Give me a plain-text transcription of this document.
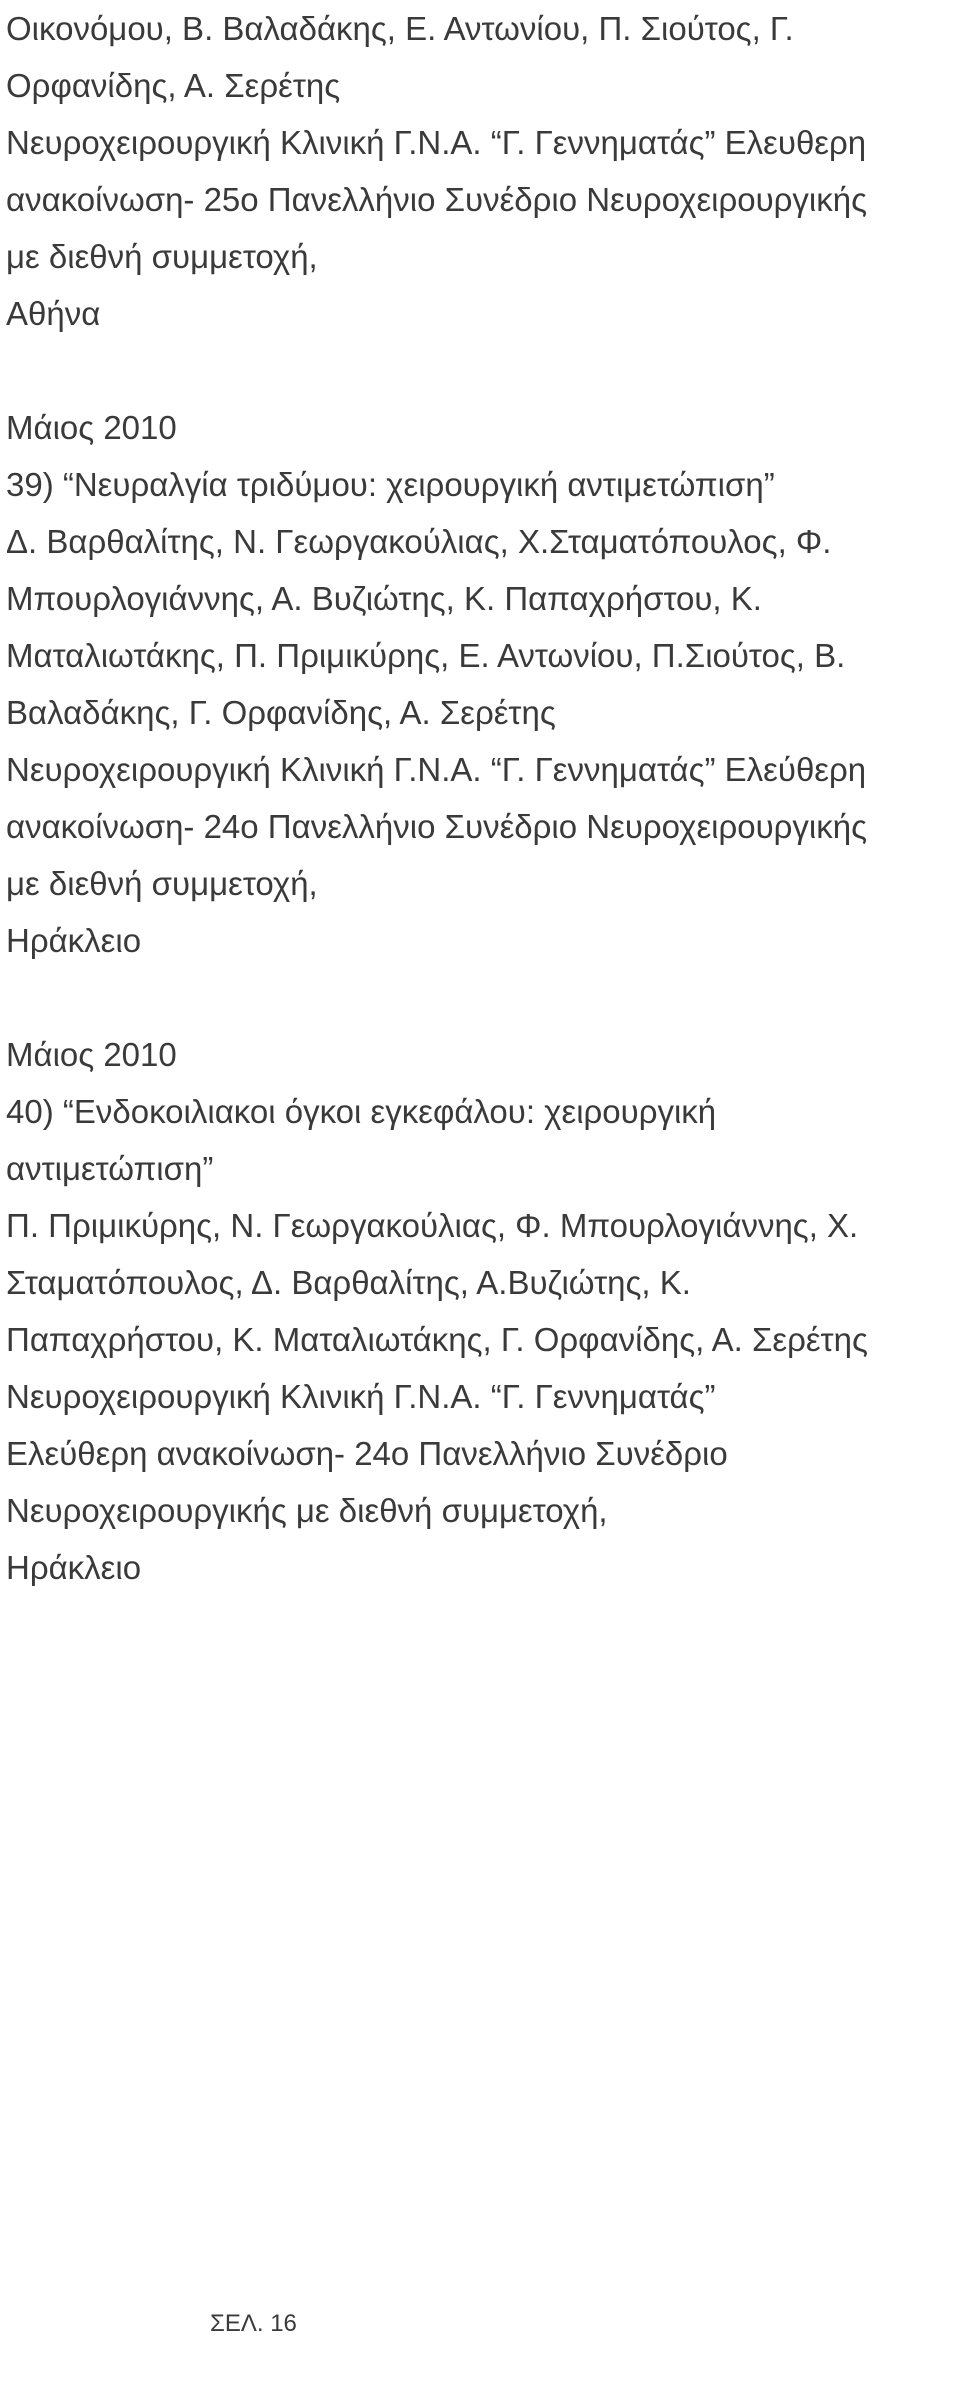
Οικονόμου, Β. Βαλαδάκης, Ε. Αντωνίου, Π. Σιούτος, Γ.
Ορφανίδης, Α. Σερέτης
Νευροχειρουργική Κλινική Γ.Ν.Α. “Γ. Γεννηματάς” Ελευθερη
ανακοίνωση- 25ο Πανελλήνιο Συνέδριο Νευροχειρουργικής
με διεθνή συμμετοχή,
Αθήνα
Μάιος 2010
39) “Νευραλγία τριδύμου: χειρουργική αντιμετώπιση”
Δ. Βαρθαλίτης, Ν. Γεωργακούλιας, Χ.Σταματόπουλος, Φ.
Μπουρλογιάννης, Α. Βυζιώτης, Κ. Παπαχρήστου, Κ.
Ματαλιωτάκης, Π. Πριμικύρης, Ε. Αντωνίου, Π.Σιούτος, Β.
Βαλαδάκης, Γ. Ορφανίδης, Α. Σερέτης
Νευροχειρουργική Κλινική Γ.Ν.Α. “Γ. Γεννηματάς” Ελεύθερη
ανακοίνωση- 24ο Πανελλήνιο Συνέδριο Νευροχειρουργικής
με διεθνή συμμετοχή,
Ηράκλειο
Μάιος 2010
40) “Ενδοκοιλιακοι όγκοι εγκεφάλου: χειρουργική
αντιμετώπιση”
Π. Πριμικύρης, Ν. Γεωργακούλιας, Φ. Μπουρλογιάννης, Χ.
Σταματόπουλος, Δ. Βαρθαλίτης, Α.Βυζιώτης, Κ.
Παπαχρήστου, Κ. Ματαλιωτάκης, Γ. Ορφανίδης, Α. Σερέτης
Νευροχειρουργική Κλινική Γ.Ν.Α. “Γ. Γεννηματάς”
Ελεύθερη ανακοίνωση- 24ο Πανελλήνιο Συνέδριο
Νευροχειρουργικής με διεθνή συμμετοχή,
Ηράκλειο
ΣΕΛ. 16
